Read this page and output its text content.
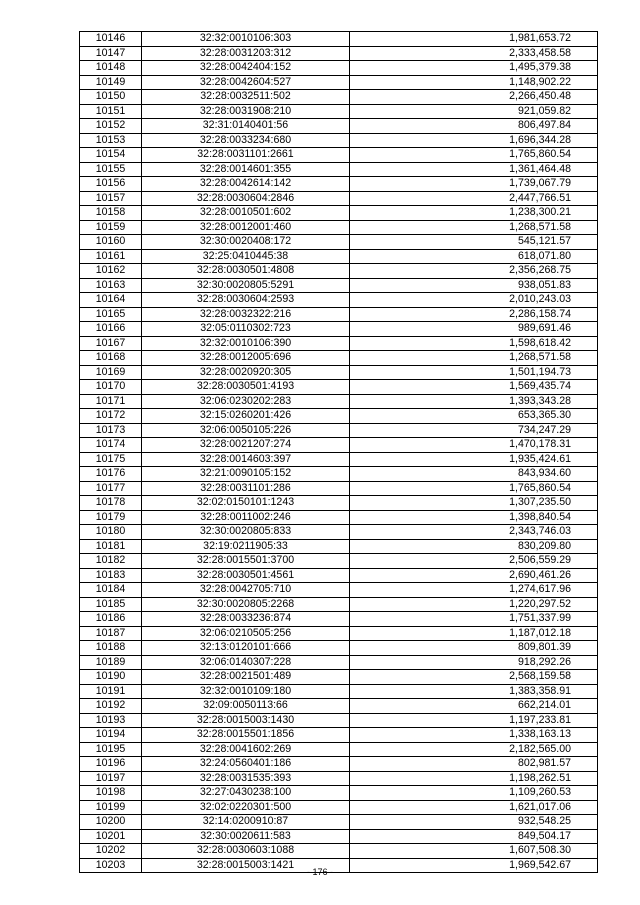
10146	32:32:0010106:303	1,981,653.72
10147	32:28:0031203:312	2,333,458.58
10148	32:28:0042404:152	1,495,379.38
10149	32:28:0042604:527	1,148,902.22
10150	32:28:0032511:502	2,266,450.48
10151	32:28:0031908:210	921,059.82
10152	32:31:0140401:56	806,497.84
10153	32:28:0033234:680	1,696,344.28
10154	32:28:0031101:2661	1,765,860.54
10155	32:28:0014601:355	1,361,464.48
10156	32:28:0042614:142	1,739,067.79
10157	32:28:0030604:2846	2,447,766.51
10158	32:28:0010501:602	1,238,300.21
10159	32:28:0012001:460	1,268,571.58
10160	32:30:0020408:172	545,121.57
10161	32:25:0410445:38	618,071.80
10162	32:28:0030501:4808	2,356,268.75
10163	32:30:0020805:5291	938,051.83
10164	32:28:0030604:2593	2,010,243.03
10165	32:28:0032322:216	2,286,158.74
10166	32:05:0110302:723	989,691.46
10167	32:32:0010106:390	1,598,618.42
10168	32:28:0012005:696	1,268,571.58
10169	32:28:0020920:305	1,501,194.73
10170	32:28:0030501:4193	1,569,435.74
10171	32:06:0230202:283	1,393,343.28
10172	32:15:0260201:426	653,365.30
10173	32:06:0050105:226	734,247.29
10174	32:28:0021207:274	1,470,178.31
10175	32:28:0014603:397	1,935,424.61
10176	32:21:0090105:152	843,934.60
10177	32:28:0031101:286	1,765,860.54
10178	32:02:0150101:1243	1,307,235.50
10179	32:28:0011002:246	1,398,840.54
10180	32:30:0020805:833	2,343,746.03
10181	32:19:0211905:33	830,209.80
10182	32:28:0015501:3700	2,506,559.29
10183	32:28:0030501:4561	2,690,461.26
10184	32:28:0042705:710	1,274,617.96
10185	32:30:0020805:2268	1,220,297.52
10186	32:28:0033236:874	1,751,337.99
10187	32:06:0210505:256	1,187,012.18
10188	32:13:0120101:666	809,801.39
10189	32:06:0140307:228	918,292.26
10190	32:28:0021501:489	2,568,159.58
10191	32:32:0010109:180	1,383,358.91
10192	32:09:0050113:66	662,214.01
10193	32:28:0015003:1430	1,197,233.81
10194	32:28:0015501:1856	1,338,163.13
10195	32:28:0041602:269	2,182,565.00
10196	32:24:0560401:186	802,981.57
10197	32:28:0031535:393	1,198,262.51
10198	32:27:0430238:100	1,109,260.53
10199	32:02:0220301:500	1,621,017.06
10200	32:14:0200910:87	932,548.25
10201	32:30:0020611:583	849,504.17
10202	32:28:0030603:1088	1,607,508.30
10203	32:28:0015003:1421	1,969,542.67
- 176 -
